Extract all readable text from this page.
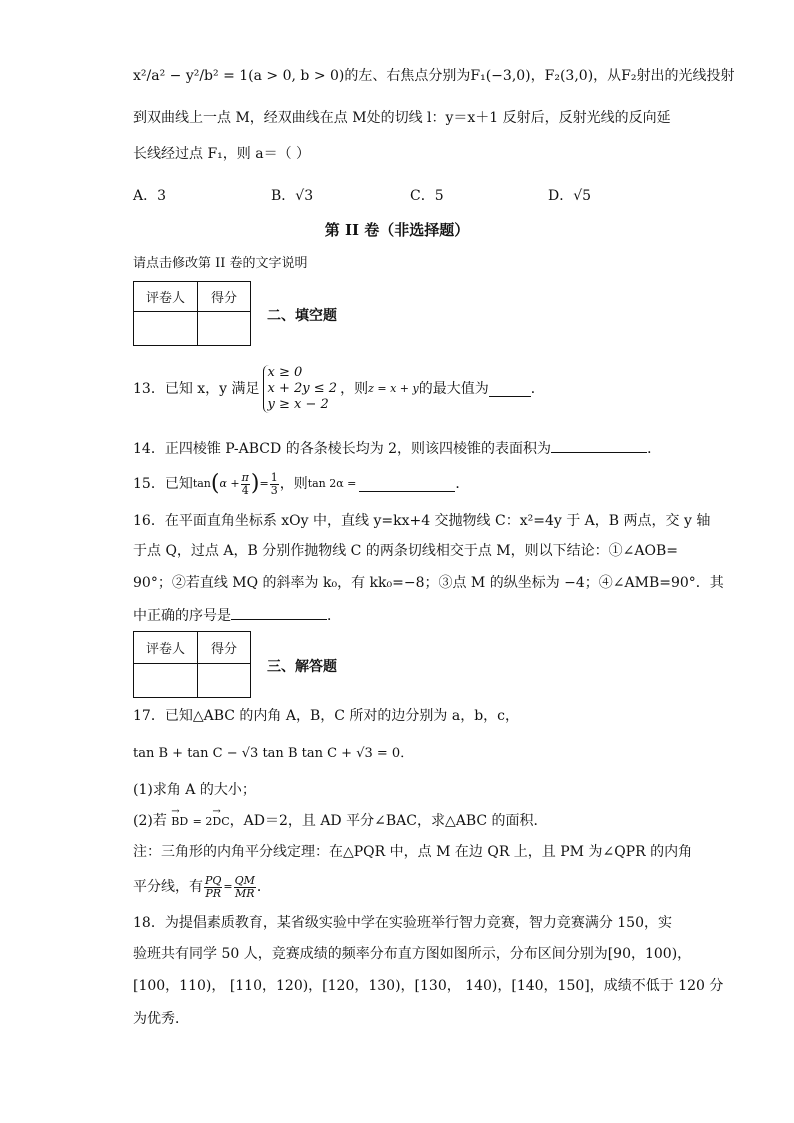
x²/a² − y²/b² = 1(a > 0, b > 0)的左、右焦点分别为F₁(−3,0)，F₂(3,0)，从F₂射出的光线投射
到双曲线上一点 M，经双曲线在点 M处的切线 l：y＝x＋1 反射后，反射光线的反向延
长线经过点 F₁，则 a＝（ ）
A．3	B．√3	C．5	D．√5
第 II 卷（非选择题）
请点击修改第 II 卷的文字说明
评卷人	得分

二、填空题
13．已知 x，y 满足
x ≥ 0
x + 2y ≤ 2
y ≥ x − 2
，则 z = x + y 的最大值为	．
14．正四棱锥 P-ABCD 的各条棱长均为 2，则该四棱锥的表面积为	．
15．已知 tan ( $\alpha + \frac{\pi}{4}$ ) = $\frac{1}{3}$ ，则 tan 2α =	．
16．在平面直角坐标系 xOy 中，直线 y=kx+4 交抛物线 C：x²=4y 于 A，B 两点，交 y 轴
于点 Q，过点 A，B 分别作抛物线 C 的两条切线相交于点 M，则以下结论：①∠AOB=
90°；②若直线 MQ 的斜率为 k₀，有 kk₀=−8；③点 M 的纵坐标为 −4；④∠AMB=90°．其
中正确的序号是	．
评卷人	得分

三、解答题
17．已知△ABC 的内角 A，B，C 所对的边分别为 a，b，c，
tan B + tan C − √3 tan B tan C + √3 = 0．
(1)求角 A 的大小；
(2)若 → BD = 2→ DC，AD＝2，且 AD 平分∠BAC，求△ABC 的面积．
注：三角形的内角平分线定理：在△PQR 中，点 M 在边 QR 上，且 PM 为∠QPR 的内角
平分线，有 $\frac{PQ}{PR} = \frac{QM}{MR}$ ．
18．为提倡素质教育，某省级实验中学在实验班举行智力竞赛，智力竞赛满分 150，实
验班共有同学 50 人，竞赛成绩的频率分布直方图如图所示，分布区间分别为[90，100)，
[100，110)， [110，120)，[120，130)，[130， 140)，[140，150]，成绩不低于 120 分
为优秀．
